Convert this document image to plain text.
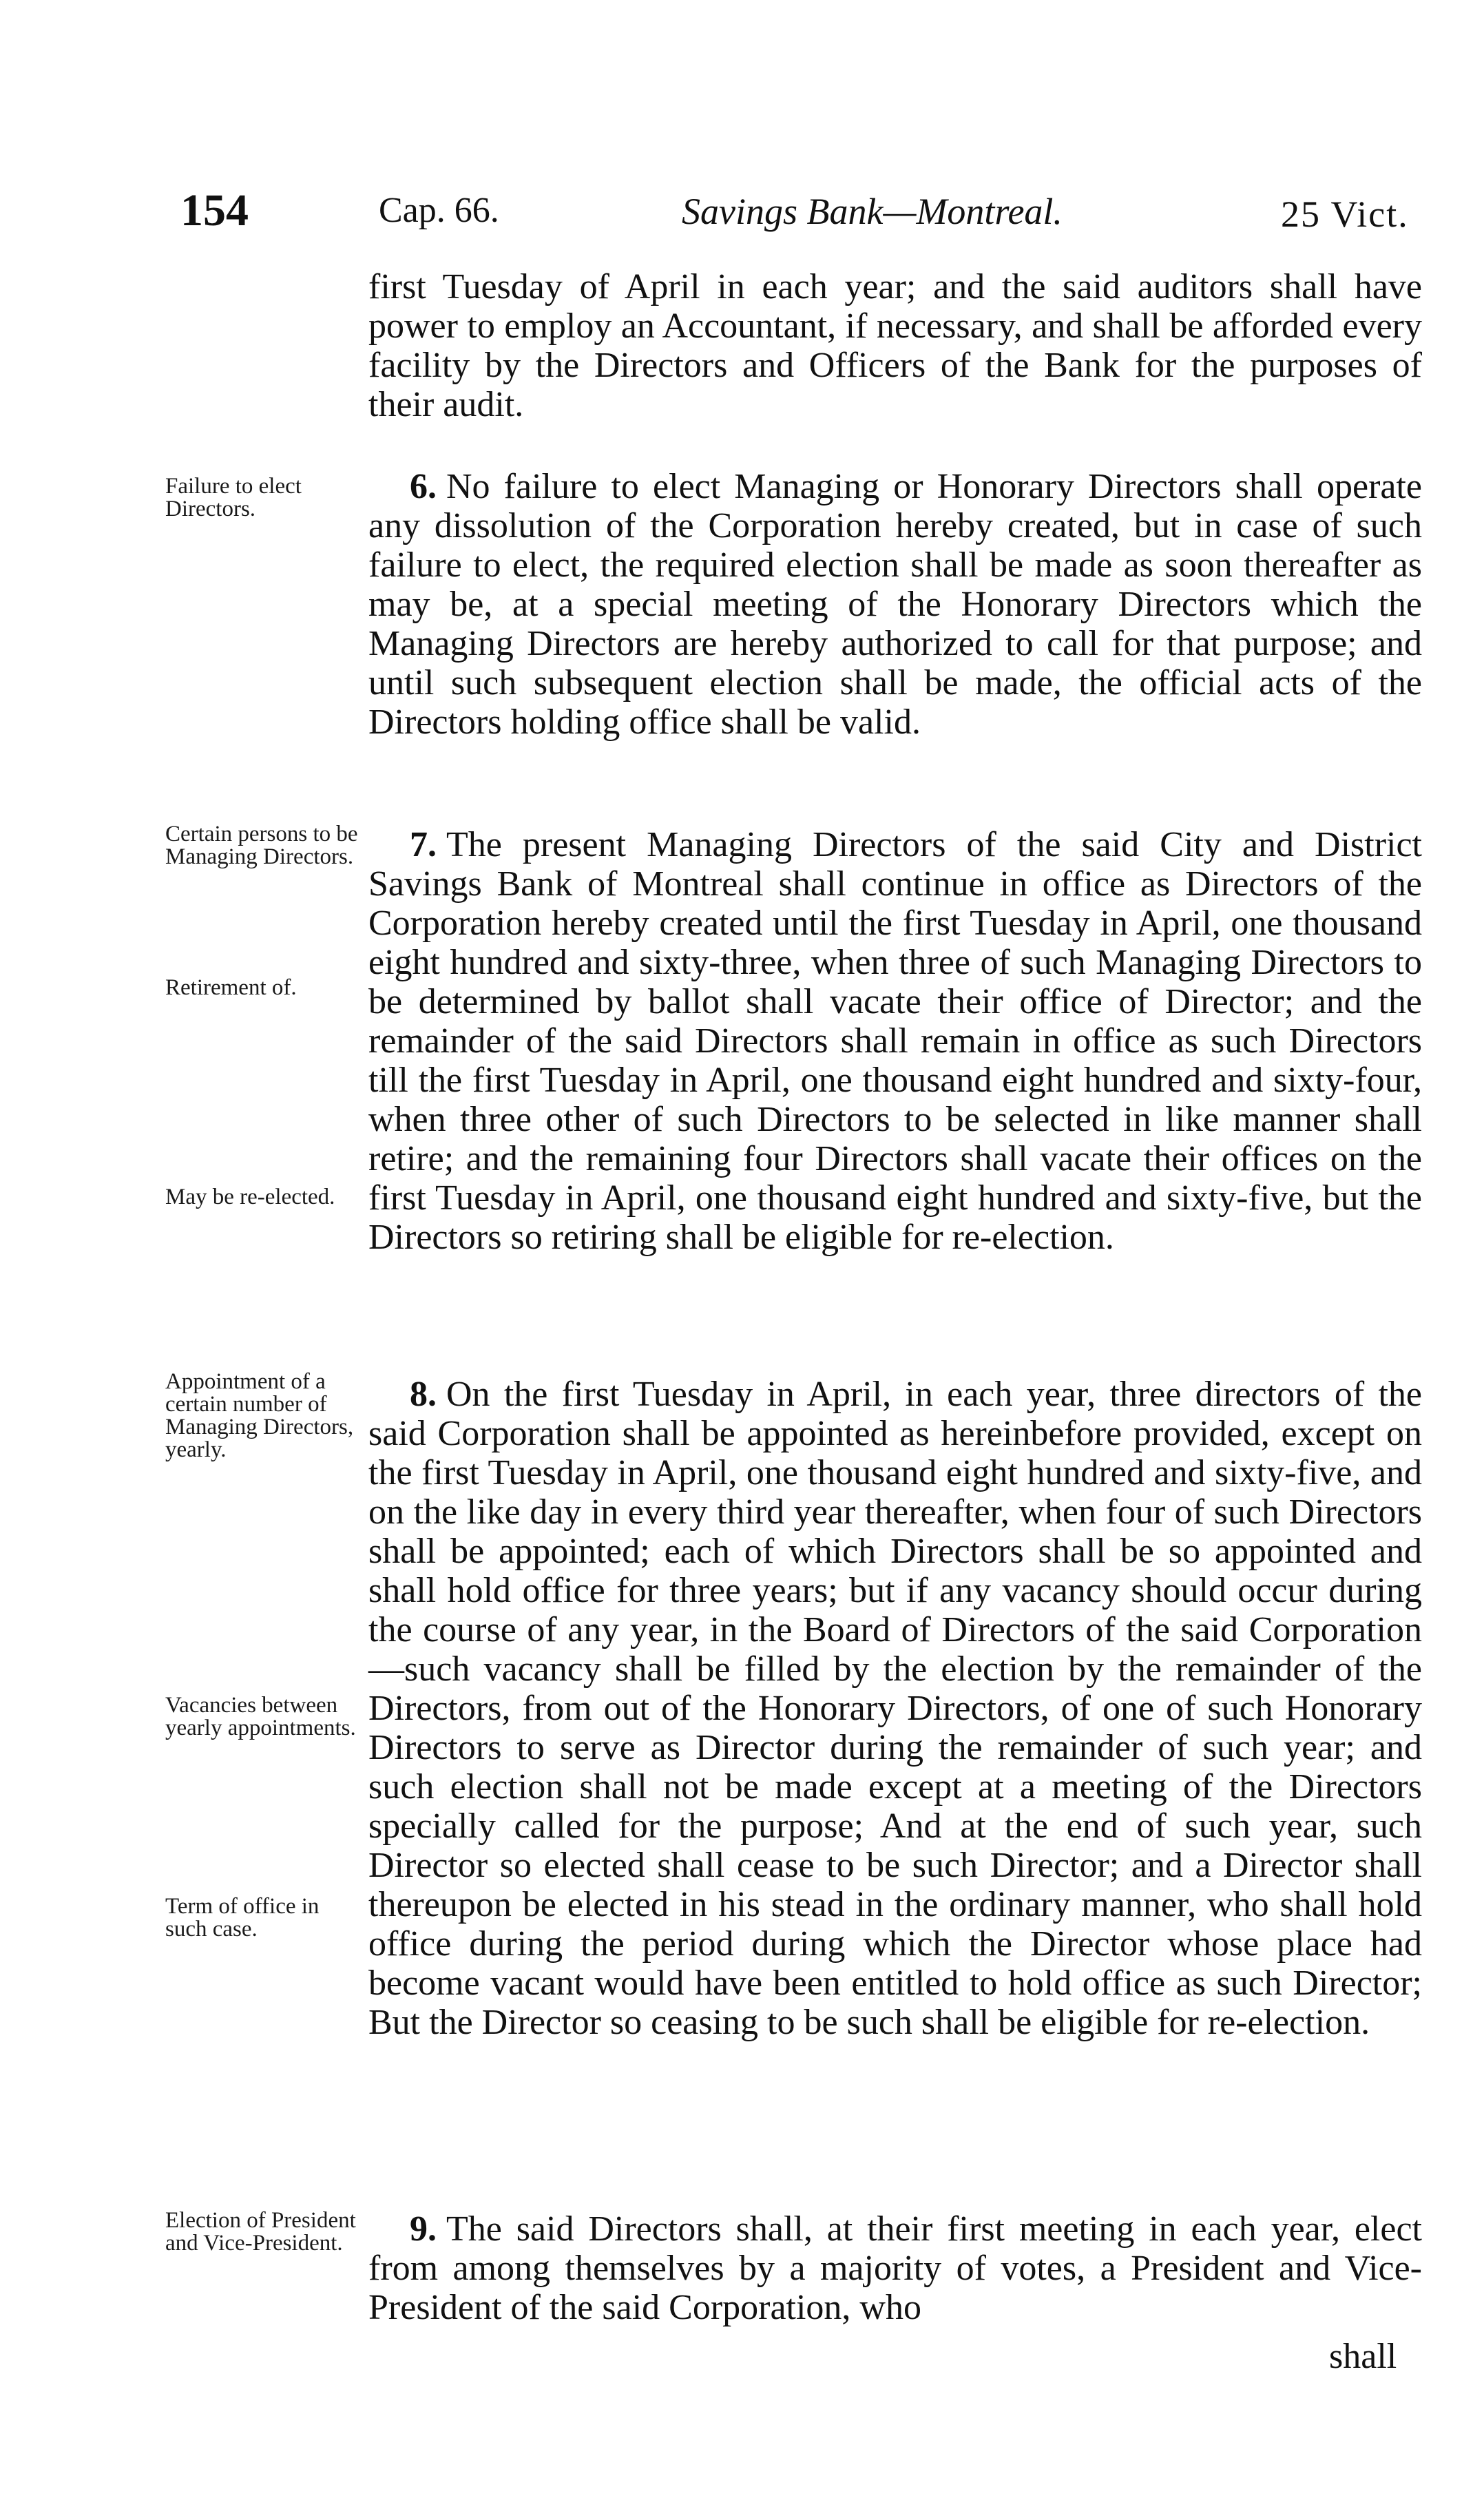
154	Cap. 66.	Savings Bank—Montreal.	25 Vict.
first Tuesday of April in each year; and the said auditors shall have power to employ an Accountant, if necessary, and shall be afforded every facility by the Directors and Officers of the Bank for the purposes of their audit.
Failure to elect Directors.
Certain persons to be Managing Directors.
Retirement of.
May be re-elected.
Appointment of a certain number of Managing Directors, yearly.
Vacancies between yearly appointments.
Term of office in such case.
Election of President and Vice-President.
6. No failure to elect Managing or Honorary Directors shall operate any dissolution of the Corporation hereby created, but in case of such failure to elect, the required election shall be made as soon thereafter as may be, at a special meeting of the Honorary Directors which the Managing Directors are hereby authorized to call for that purpose; and until such subsequent election shall be made, the official acts of the Directors holding office shall be valid.
7. The present Managing Directors of the said City and District Savings Bank of Montreal shall continue in office as Directors of the Corporation hereby created until the first Tuesday in April, one thousand eight hundred and sixty-three, when three of such Managing Directors to be determined by ballot shall vacate their office of Director; and the remainder of the said Directors shall remain in office as such Directors till the first Tuesday in April, one thousand eight hundred and sixty-four, when three other of such Directors to be selected in like manner shall retire; and the remaining four Directors shall vacate their offices on the first Tuesday in April, one thousand eight hundred and sixty-five, but the Directors so retiring shall be eligible for re-election.
8. On the first Tuesday in April, in each year, three directors of the said Corporation shall be appointed as hereinbefore provided, except on the first Tuesday in April, one thousand eight hundred and sixty-five, and on the like day in every third year thereafter, when four of such Directors shall be appointed; each of which Directors shall be so appointed and shall hold office for three years; but if any vacancy should occur during the course of any year, in the Board of Directors of the said Corporation—such vacancy shall be filled by the election by the remainder of the Directors, from out of the Honorary Directors, of one of such Honorary Directors to serve as Director during the remainder of such year; and such election shall not be made except at a meeting of the Directors specially called for the purpose; And at the end of such year, such Director so elected shall cease to be such Director; and a Director shall thereupon be elected in his stead in the ordinary manner, who shall hold office during the period during which the Director whose place had become vacant would have been entitled to hold office as such Director; But the Director so ceasing to be such shall be eligible for re-election.
9. The said Directors shall, at their first meeting in each year, elect from among themselves by a majority of votes, a President and Vice-President of the said Corporation, who
shall
